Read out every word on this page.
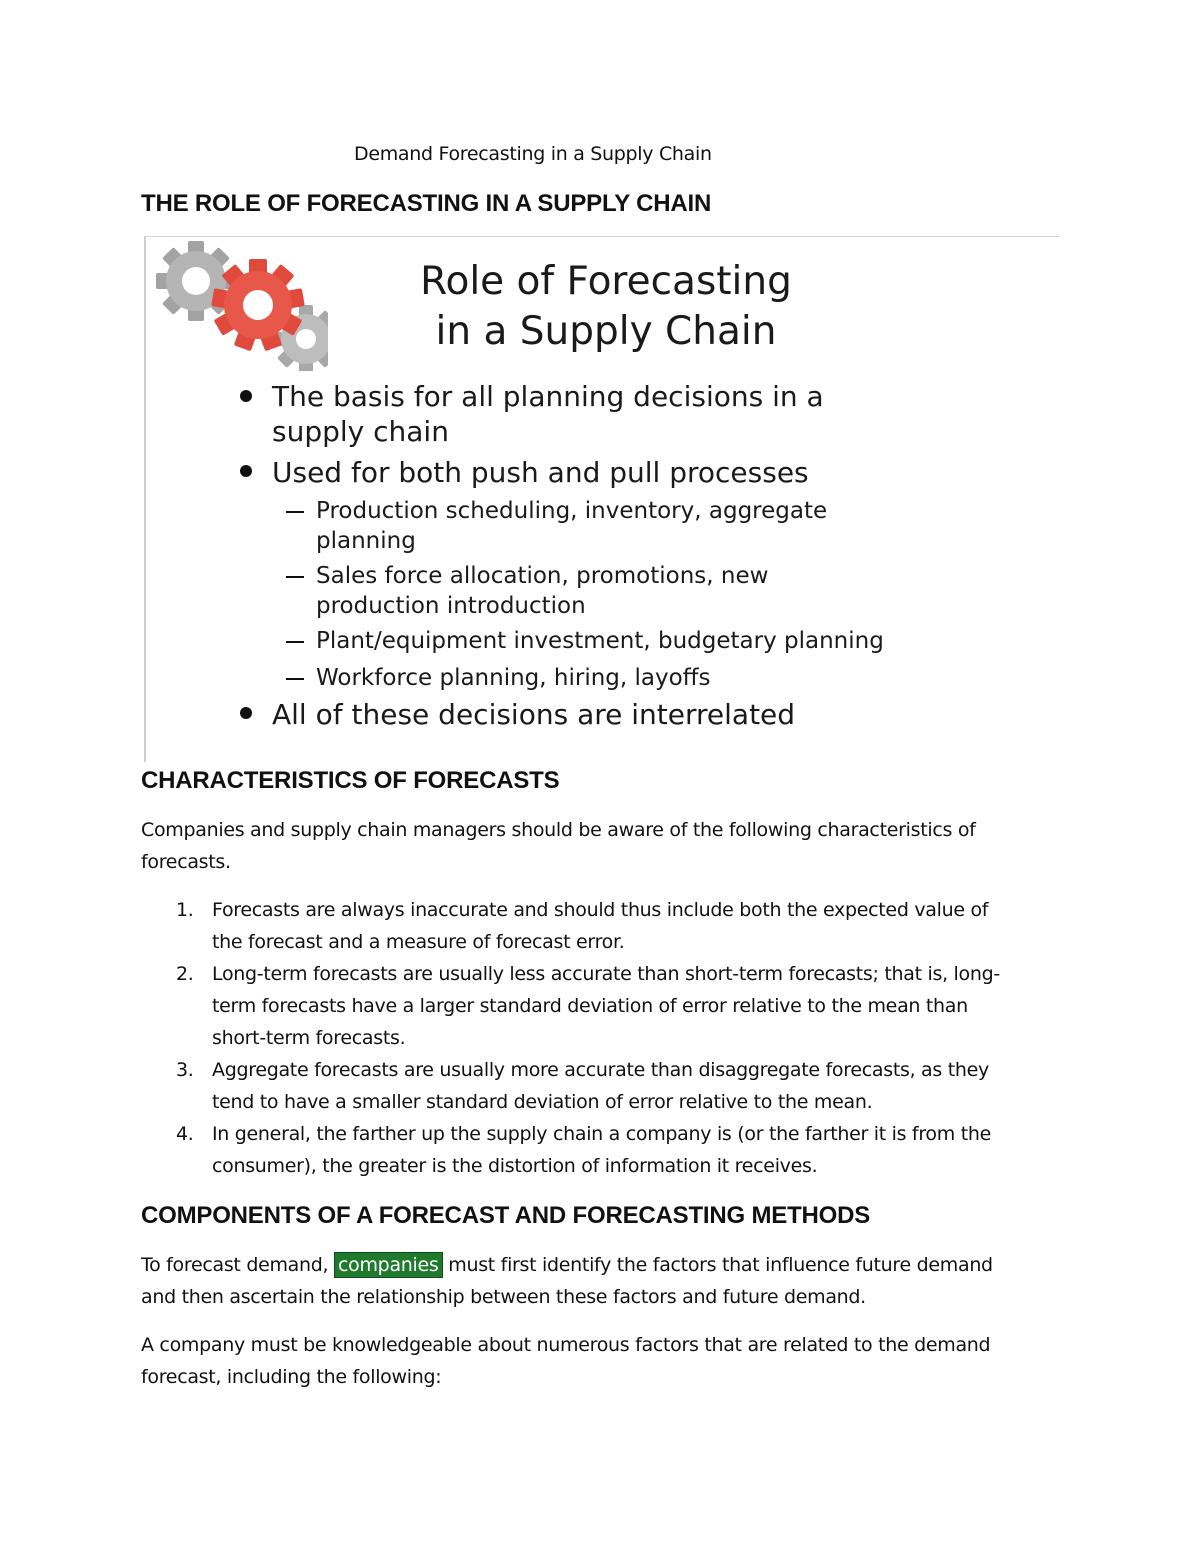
Demand Forecasting in a Supply Chain
THE ROLE OF FORECASTING IN A SUPPLY CHAIN
Role of Forecasting
in a Supply Chain
The basis for all planning decisions in a
supply chain
Used for both push and pull processes
Production scheduling, inventory, aggregate
planning
Sales force allocation, promotions, new
production introduction
Plant/equipment investment, budgetary planning
Workforce planning, hiring, layoffs
All of these decisions are interrelated
CHARACTERISTICS OF FORECASTS
Companies and supply chain managers should be aware of the following characteristics of
forecasts.
1. Forecasts are always inaccurate and should thus include both the expected value of
the forecast and a measure of forecast error.
2. Long-term forecasts are usually less accurate than short-term forecasts; that is, long-
term forecasts have a larger standard deviation of error relative to the mean than
short-term forecasts.
3. Aggregate forecasts are usually more accurate than disaggregate forecasts, as they
tend to have a smaller standard deviation of error relative to the mean.
4. In general, the farther up the supply chain a company is (or the farther it is from the
consumer), the greater is the distortion of information it receives.
COMPONENTS OF A FORECAST AND FORECASTING METHODS
To forecast demand, companies must first identify the factors that influence future demand
and then ascertain the relationship between these factors and future demand.
A company must be knowledgeable about numerous factors that are related to the demand
forecast, including the following:
